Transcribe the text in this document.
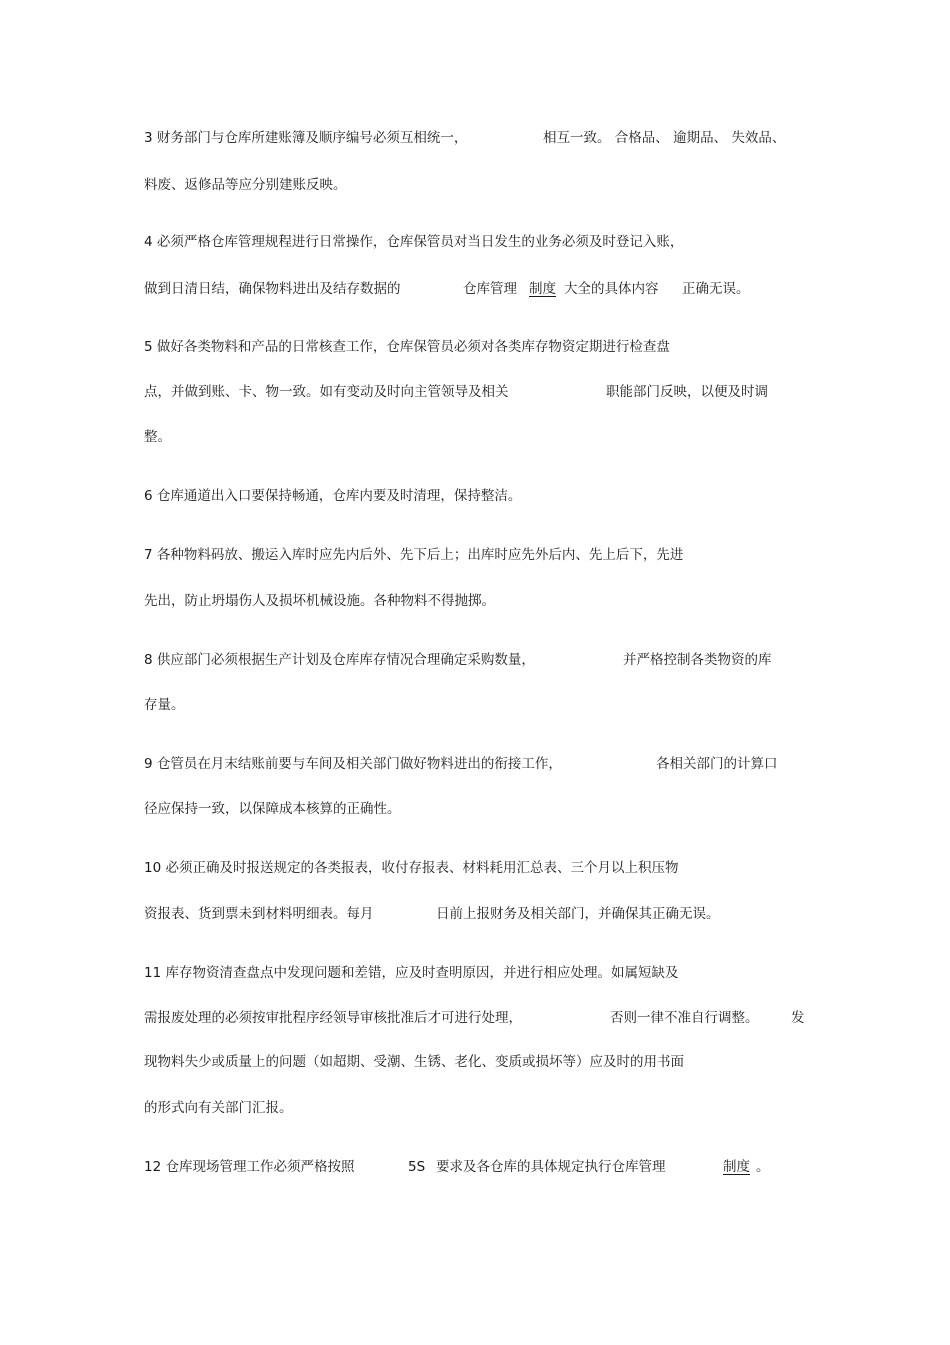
3 财务部门与仓库所建账簿及顺序编号必须互相统一，	相互一致。 合格品、 逾期品、 失效品、
料废、返修品等应分别建账反映。
4 必须严格仓库管理规程进行日常操作，仓库保管员对当日发生的业务必须及时登记入账，
做到日清日结，确保物料进出及结存数据的	仓库管理 制度 大全的具体内容 正确无误。
5 做好各类物料和产品的日常核查工作，仓库保管员必须对各类库存物资定期进行检查盘
点，并做到账、卡、物一致。如有变动及时向主管领导及相关	职能部门反映，以便及时调
整。
6 仓库通道出入口要保持畅通，仓库内要及时清理，保持整洁。
7 各种物料码放、搬运入库时应先内后外、先下后上；出库时应先外后内、先上后下，先进
先出，防止坍塌伤人及损坏机械设施。各种物料不得抛掷。
8 供应部门必须根据生产计划及仓库库存情况合理确定采购数量，	并严格控制各类物资的库
存量。
9 仓管员在月末结账前要与车间及相关部门做好物料进出的衔接工作，	各相关部门的计算口
径应保持一致，以保障成本核算的正确性。
10 必须正确及时报送规定的各类报表，收付存报表、材料耗用汇总表、三个月以上积压物
资报表、货到票未到材料明细表。每月	日前上报财务及相关部门，并确保其正确无误。
11 库存物资清查盘点中发现问题和差错，应及时查明原因，并进行相应处理。如属短缺及
需报废处理的必须按审批程序经领导审核批准后才可进行处理，	否则一律不准自行调整。 发
现物料失少或质量上的问题（如超期、受潮、生锈、老化、变质或损坏等）应及时的用书面
的形式向有关部门汇报。
12 仓库现场管理工作必须严格按照	5S 要求及各仓库的具体规定执行仓库管理	制度 。
